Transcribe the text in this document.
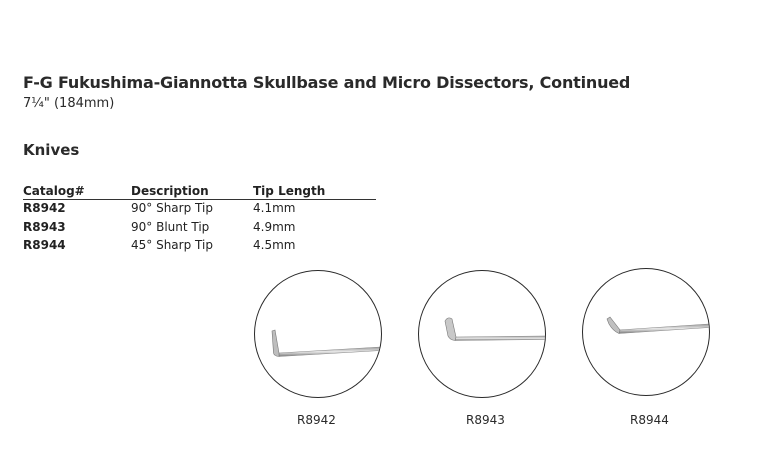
F-G Fukushima-Giannotta Skullbase and Micro Dissectors, Continued
7¼" (184mm)
Knives
Catalog#	Description	Tip Length
R8942	90° Sharp Tip	4.1mm
R8943	90° Blunt Tip	4.9mm
R8944	45° Sharp Tip	4.5mm
R8942	R8943	R8944
